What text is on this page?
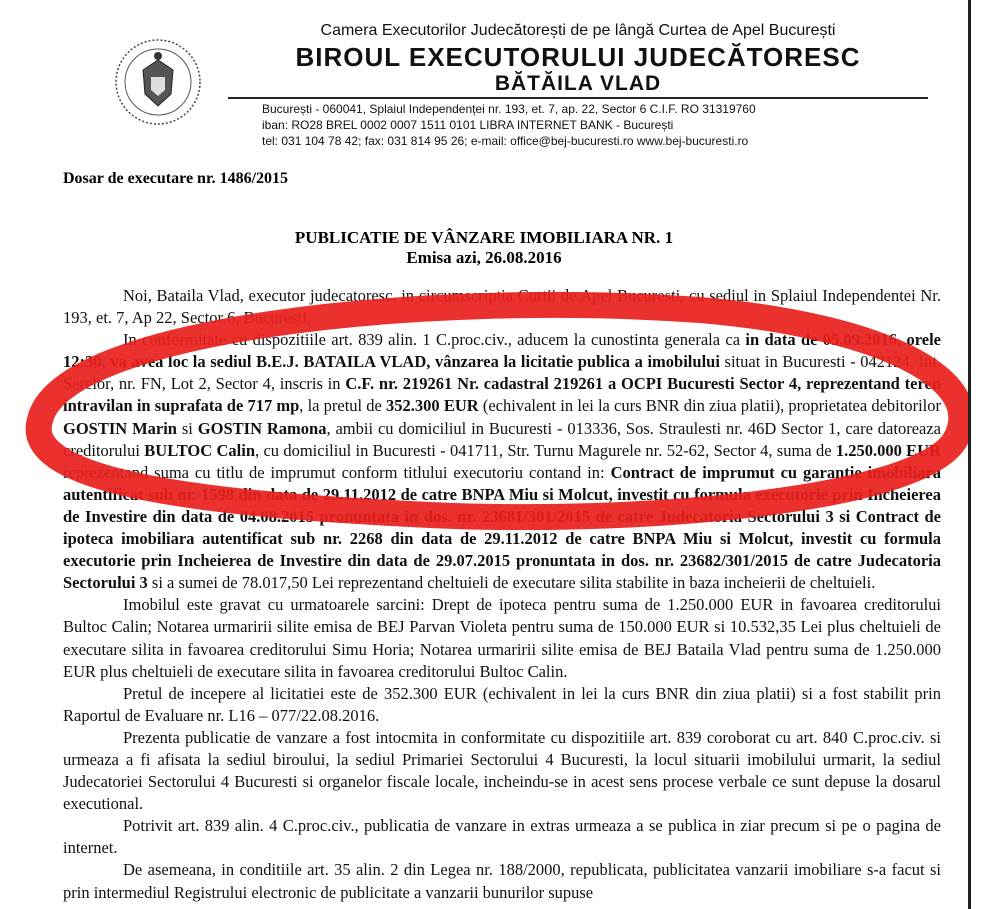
Camera Executorilor Judecătorești de pe lângă Curtea de Apel București
BIROUL EXECUTORULUI JUDECĂTORESC
BĂTĂILA VLAD
București - 060041, Splaiul Independenței nr. 193, et. 7, ap. 22, Sector 6 C.I.F. RO 31319760
iban: RO28 BREL 0002 0007 1511 0101 LIBRA INTERNET BANK - București
tel: 031 104 78 42; fax: 031 814 95 26; e-mail: office@bej-bucuresti.ro www.bej-bucuresti.ro
Dosar de executare nr. 1486/2015
PUBLICATIE DE VÂNZARE IMOBILIARA NR. 1
Emisa azi, 26.08.2016

Noi, Bataila Vlad, executor judecatoresc, in circumscriptia Curtii de Apel Bucuresti, cu sediul in Splaiul Independentei Nr. 193, et. 7, Ap 22, Sector 6, Bucuresti,

In conformitate cu dispozitiile art. 839 alin. 1 C.proc.civ., aducem la cunostinta generala ca in data de 05.09.2016, orele 12:30, va avea loc la sediul B.E.J. BATAILA VLAD, vânzarea la licitatie publica a imobilului situat in Bucuresti - 042124, Int. Serelor, nr. FN, Lot 2, Sector 4, inscris in C.F. nr. 219261 Nr. cadastral 219261 a OCPI Bucuresti Sector 4, reprezentand teren intravilan in suprafata de 717 mp, la pretul de 352.300 EUR (echivalent in lei la curs BNR din ziua platii), proprietatea debitorilor GOSTIN Marin si GOSTIN Ramona, ambii cu domiciliul in Bucuresti - 013336, Sos. Straulesti nr. 46D Sector 1, care datoreaza creditorului BULTOC Calin, cu domiciliul in Bucuresti - 041711, Str. Turnu Magurele nr. 52-62, Sector 4, suma de 1.250.000 EUR reprezentand suma cu titlu de imprumut conform titlului executoriu contand in: Contract de imprumut cu garantie imobiliara autentificat sub nr. 1598 din data de 29.11.2012 de catre BNPA Miu si Molcut, investit cu formula executorie prin Incheierea de Investire din data de 04.08.2015 pronuntata in dos. nr. 23681/301/2015 de catre Judecatoria Sectorului 3 si Contract de ipoteca imobiliara autentificat sub nr. 2268 din data de 29.11.2012 de catre BNPA Miu si Molcut, investit cu formula executorie prin Incheierea de Investire din data de 29.07.2015 pronuntata in dos. nr. 23682/301/2015 de catre Judecatoria Sectorului 3 si a sumei de 78.017,50 Lei reprezentand cheltuieli de executare silita stabilite in baza incheierii de cheltuieli.

Imobilul este gravat cu urmatoarele sarcini: Drept de ipoteca pentru suma de 1.250.000 EUR in favoarea creditorului Bultoc Calin; Notarea urmaririi silite emisa de BEJ Parvan Violeta pentru suma de 150.000 EUR si 10.532,35 Lei plus cheltuieli de executare silita in favoarea creditorului Simu Horia; Notarea urmaririi silite emisa de BEJ Bataila Vlad pentru suma de 1.250.000 EUR plus cheltuieli de executare silita in favoarea creditorului Bultoc Calin.

Pretul de incepere al licitatiei este de 352.300 EUR (echivalent in lei la curs BNR din ziua platii) si a fost stabilit prin Raportul de Evaluare nr. L16 – 077/22.08.2016.

Prezenta publicatie de vanzare a fost intocmita in conformitate cu dispozitiile art. 839 coroborat cu art. 840 C.proc.civ. si urmeaza a fi afisata la sediul biroului, la sediul Primariei Sectorului 4 Bucuresti, la locul situarii imobilului urmarit, la sediul Judecatoriei Sectorului 4 Bucuresti si organelor fiscale locale, incheindu-se in acest sens procese verbale ce sunt depuse la dosarul executional.

Potrivit art. 839 alin. 4 C.proc.civ., publicatia de vanzare in extras urmeaza a se publica in ziar precum si pe o pagina de internet.

De asemeana, in conditiile art. 35 alin. 2 din Legea nr. 188/2000, republicata, publicitatea vanzarii imobiliare s-a facut si prin intermediul Registrului electronic de publicitate a vanzarii bunurilor supuse
